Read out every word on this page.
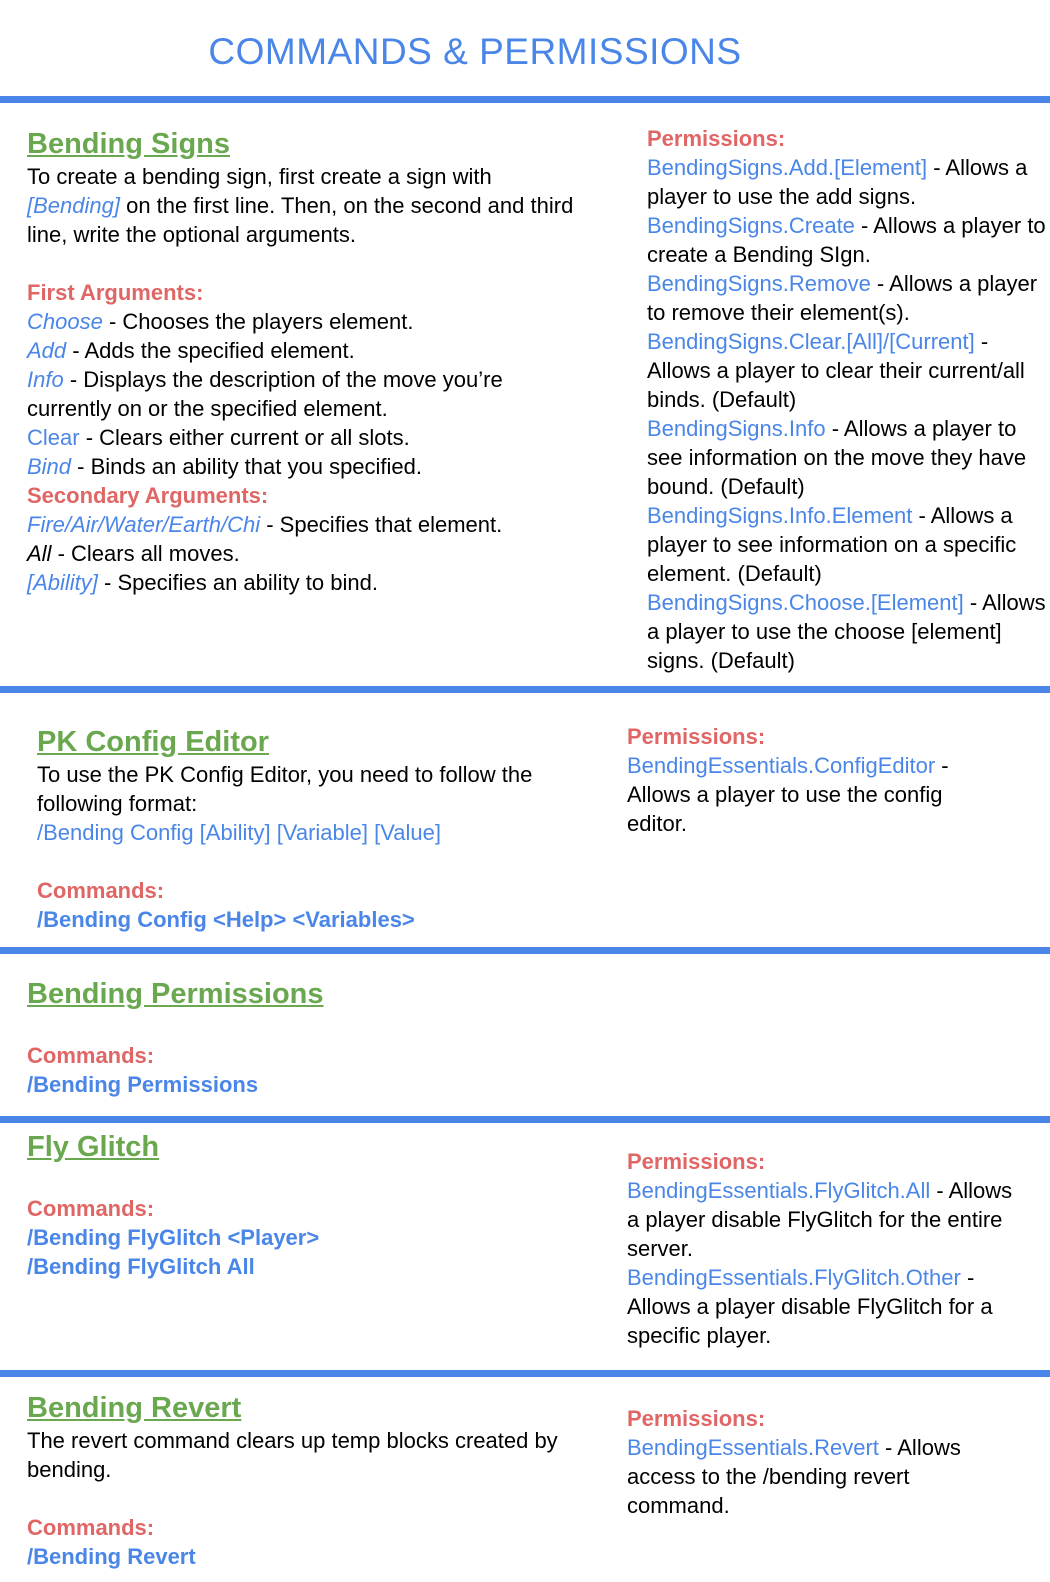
COMMANDS & PERMISSIONS
Bending Signs

To create a bending sign, first create a sign with [Bending] on the first line. Then, on the second and third line, write the optional arguments.

First Arguments:

Choose - Chooses the players element.

Add - Adds the specified element.

Info - Displays the description of the move you’re currently on or the specified element.

Clear - Clears either current or all slots.

Bind - Binds an ability that you specified.

Secondary Arguments:

Fire/Air/Water/Earth/Chi - Specifies that element.

All - Clears all moves.

[Ability] - Specifies an ability to bind.

Permissions:

BendingSigns.Add.[Element] - Allows a player to use the add signs.

BendingSigns.Create - Allows a player to create a Bending SIgn.

BendingSigns.Remove - Allows a player to remove their element(s).

BendingSigns.Clear.[All]/[Current] - Allows a player to clear their current/all binds. (Default)

BendingSigns.Info - Allows a player to see information on the move they have bound. (Default)

BendingSigns.Info.Element - Allows a player to see information on a specific element. (Default)

BendingSigns.Choose.[Element] - Allows a player to use the choose [element] signs. (Default)

PK Config Editor

To use the PK Config Editor, you need to follow the following format:

/Bending Config [Ability] [Variable] [Value]

Commands:
/Bending Config <Help> <Variables>
Permissions:

BendingEssentials.ConfigEditor - Allows a player to use the config editor.

Bending Permissions
Commands:
/Bending Permissions
Fly Glitch
Commands:
/Bending FlyGlitch <Player>
/Bending FlyGlitch All
Permissions:

BendingEssentials.FlyGlitch.All - Allows a player disable FlyGlitch for the entire server.

BendingEssentials.FlyGlitch.Other - Allows a player disable FlyGlitch for a specific player.

Bending Revert

The revert command clears up temp blocks created by bending.

Commands:
/Bending Revert
Permissions:

BendingEssentials.Revert - Allows access to the /bending revert command.
